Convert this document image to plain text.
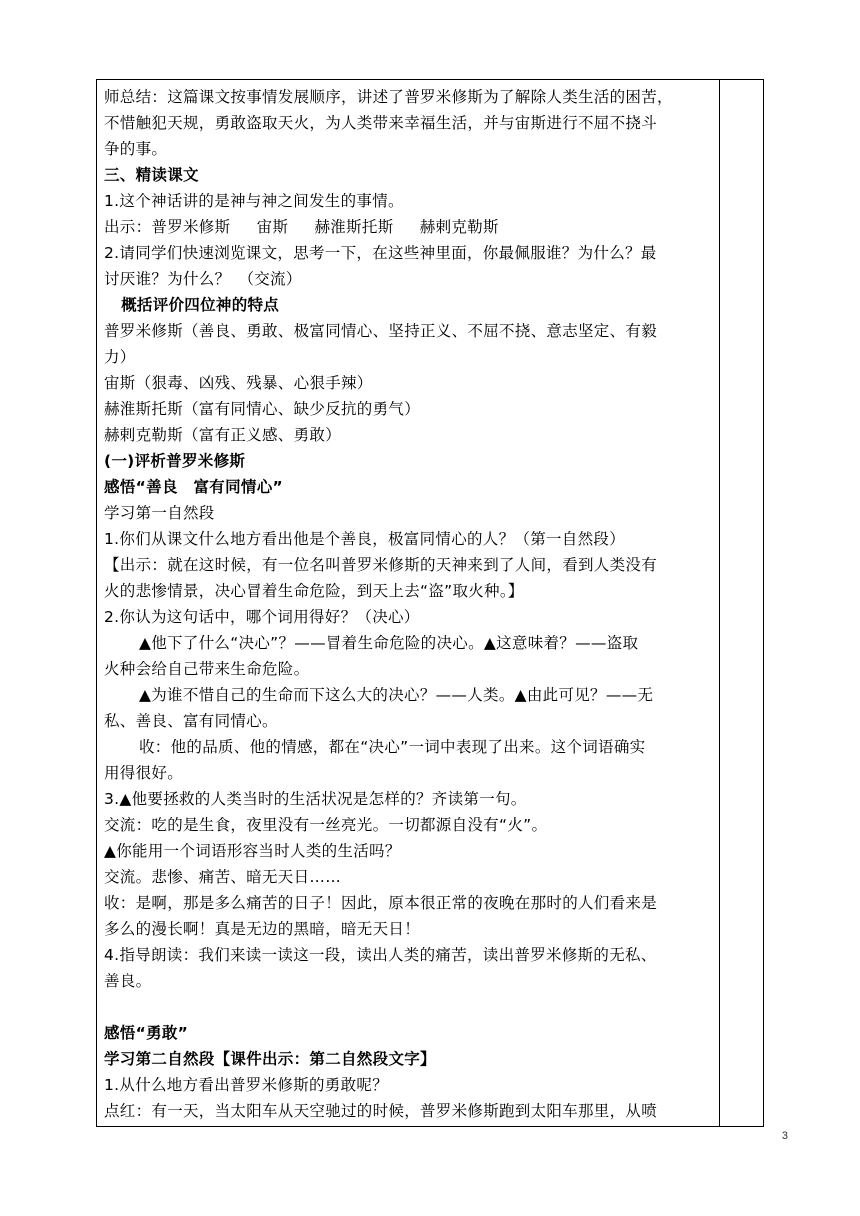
师总结：这篇课文按事情发展顺序，讲述了普罗米修斯为了解除人类生活的困苦，
不惜触犯天规，勇敢盗取天火，为人类带来幸福生活，并与宙斯进行不屈不挠斗
争的事。
三、精读课文
1.这个神话讲的是神与神之间发生的事情。
出示：普罗米修斯　  宙斯　  赫淮斯托斯　  赫剌克勒斯
2.请同学们快速浏览课文，思考一下，在这些神里面，你最佩服谁？为什么？最
讨厌谁？为什么？　（交流）
概括评价四位神的特点
普罗米修斯（善良、勇敢、极富同情心、坚持正义、不屈不挠、意志坚定、有毅
力）
宙斯（狠毒、凶残、残暴、心狠手辣）
赫淮斯托斯（富有同情心、缺少反抗的勇气）
赫剌克勒斯（富有正义感、勇敢）
(一)评析普罗米修斯
感悟“善良　富有同情心”
学习第一自然段
1.你们从课文什么地方看出他是个善良，极富同情心的人？（第一自然段）
【出示：就在这时候，有一位名叫普罗米修斯的天神来到了人间，看到人类没有
火的悲惨情景，决心冒着生命危险，到天上去“盗”取火种。】
2.你认为这句话中，哪个词用得好？（决心）
▲他下了什么“决心”？——冒着生命危险的决心。▲这意味着？——盗取
火种会给自己带来生命危险。
▲为谁不惜自己的生命而下这么大的决心？——人类。▲由此可见？——无
私、善良、富有同情心。
收：他的品质、他的情感，都在“决心”一词中表现了出来。这个词语确实
用得很好。
3.▲他要拯救的人类当时的生活状况是怎样的？齐读第一句。
交流：吃的是生食，夜里没有一丝亮光。一切都源自没有“火”。
▲你能用一个词语形容当时人类的生活吗？
交流。悲惨、痛苦、暗无天日……
收：是啊，那是多么痛苦的日子！因此，原本很正常的夜晚在那时的人们看来是
多么的漫长啊！真是无边的黑暗，暗无天日！
4.指导朗读：我们来读一读这一段，读出人类的痛苦，读出普罗米修斯的无私、
善良。
感悟“勇敢”
学习第二自然段【课件出示：第二自然段文字】
1.从什么地方看出普罗米修斯的勇敢呢？
点红：有一天，当太阳车从天空驰过的时候，普罗米修斯跑到太阳车那里，从喷
3
